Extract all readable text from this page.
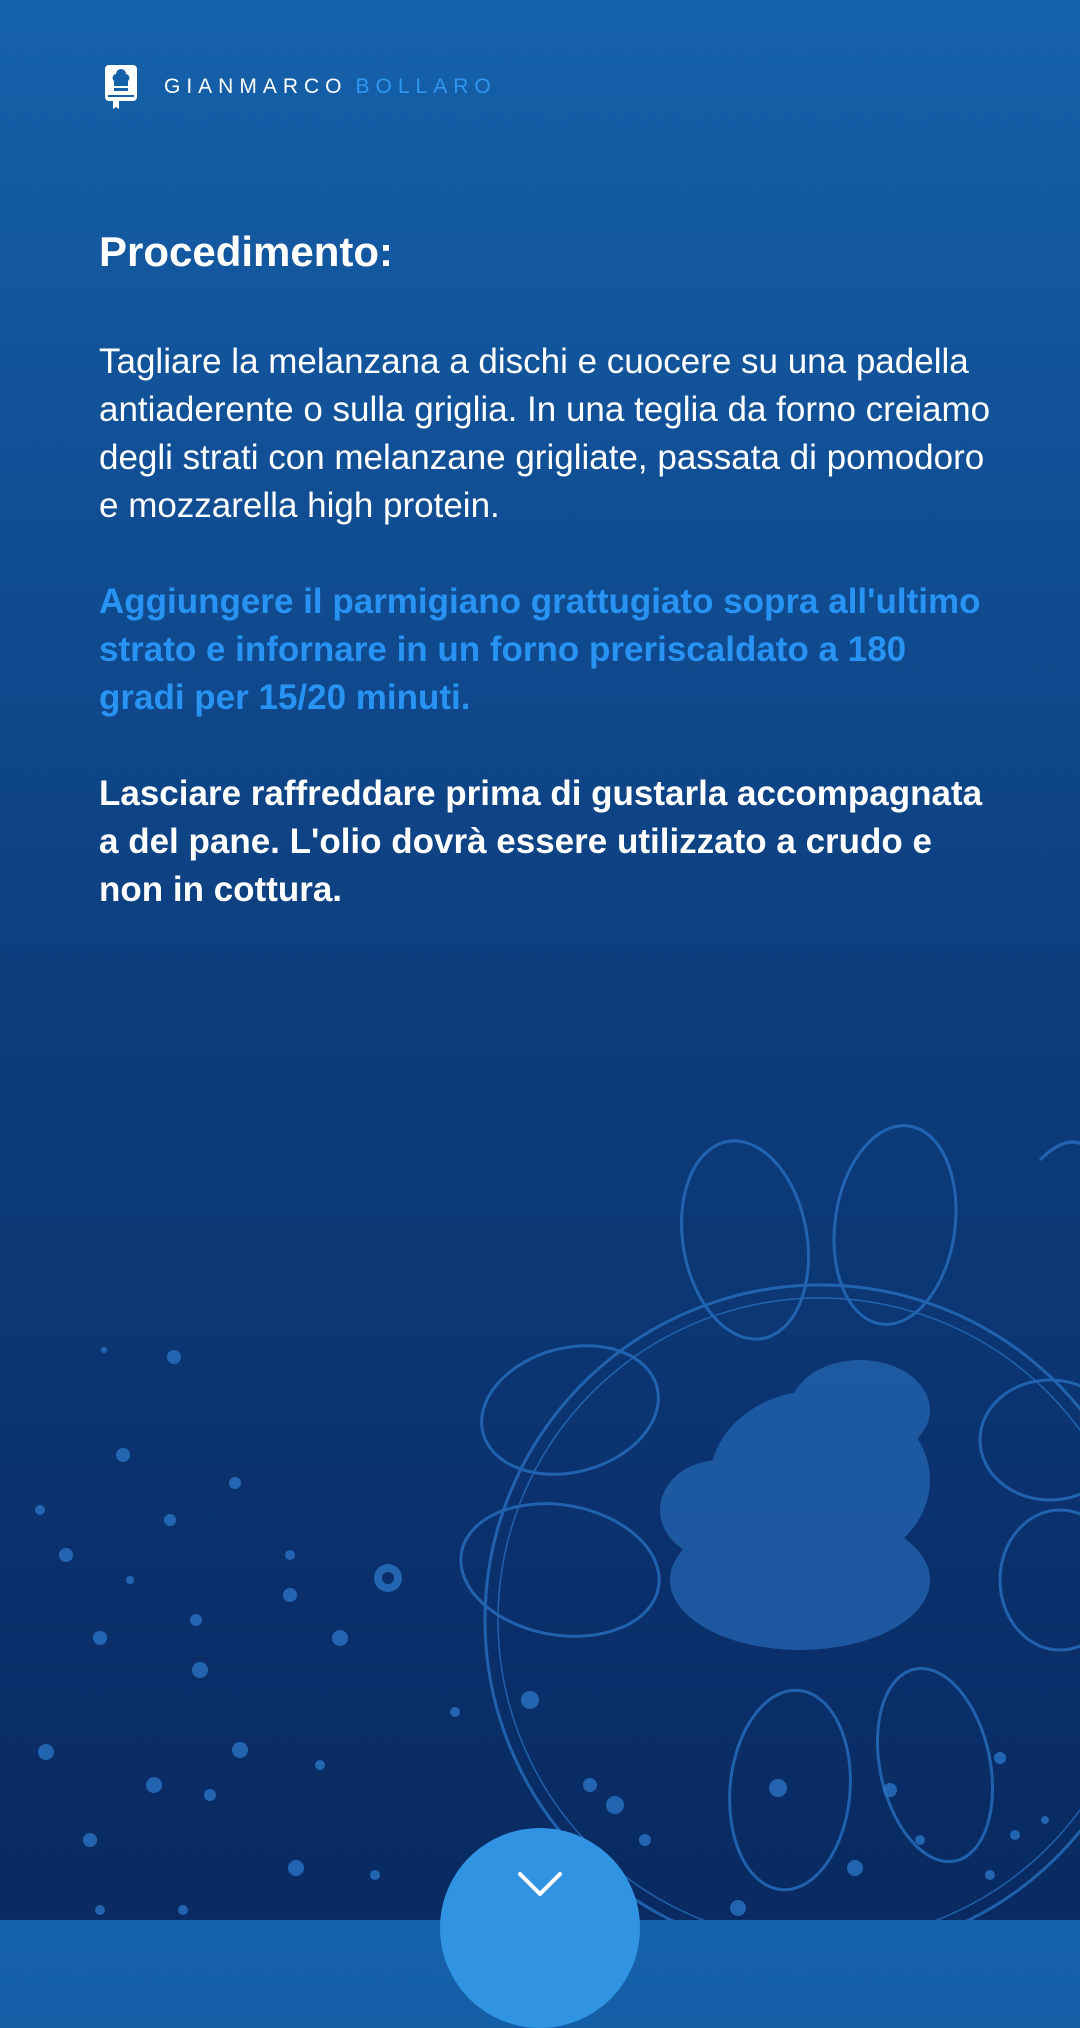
GIANMARCO BOLLARO
Procedimento:

Tagliare la melanzana a dischi e cuocere su una padella antiaderente o sulla griglia. In una teglia da forno creiamo degli strati con melanzane grigliate, passata di pomodoro e mozzarella high protein.

Aggiungere il parmigiano grattugiato sopra all'ultimo strato e infornare in un forno preriscaldato a 180 gradi per 15/20 minuti.

Lasciare raffreddare prima di gustarla accompagnata a del pane. L'olio dovrà essere utilizzato a crudo e non in cottura.
